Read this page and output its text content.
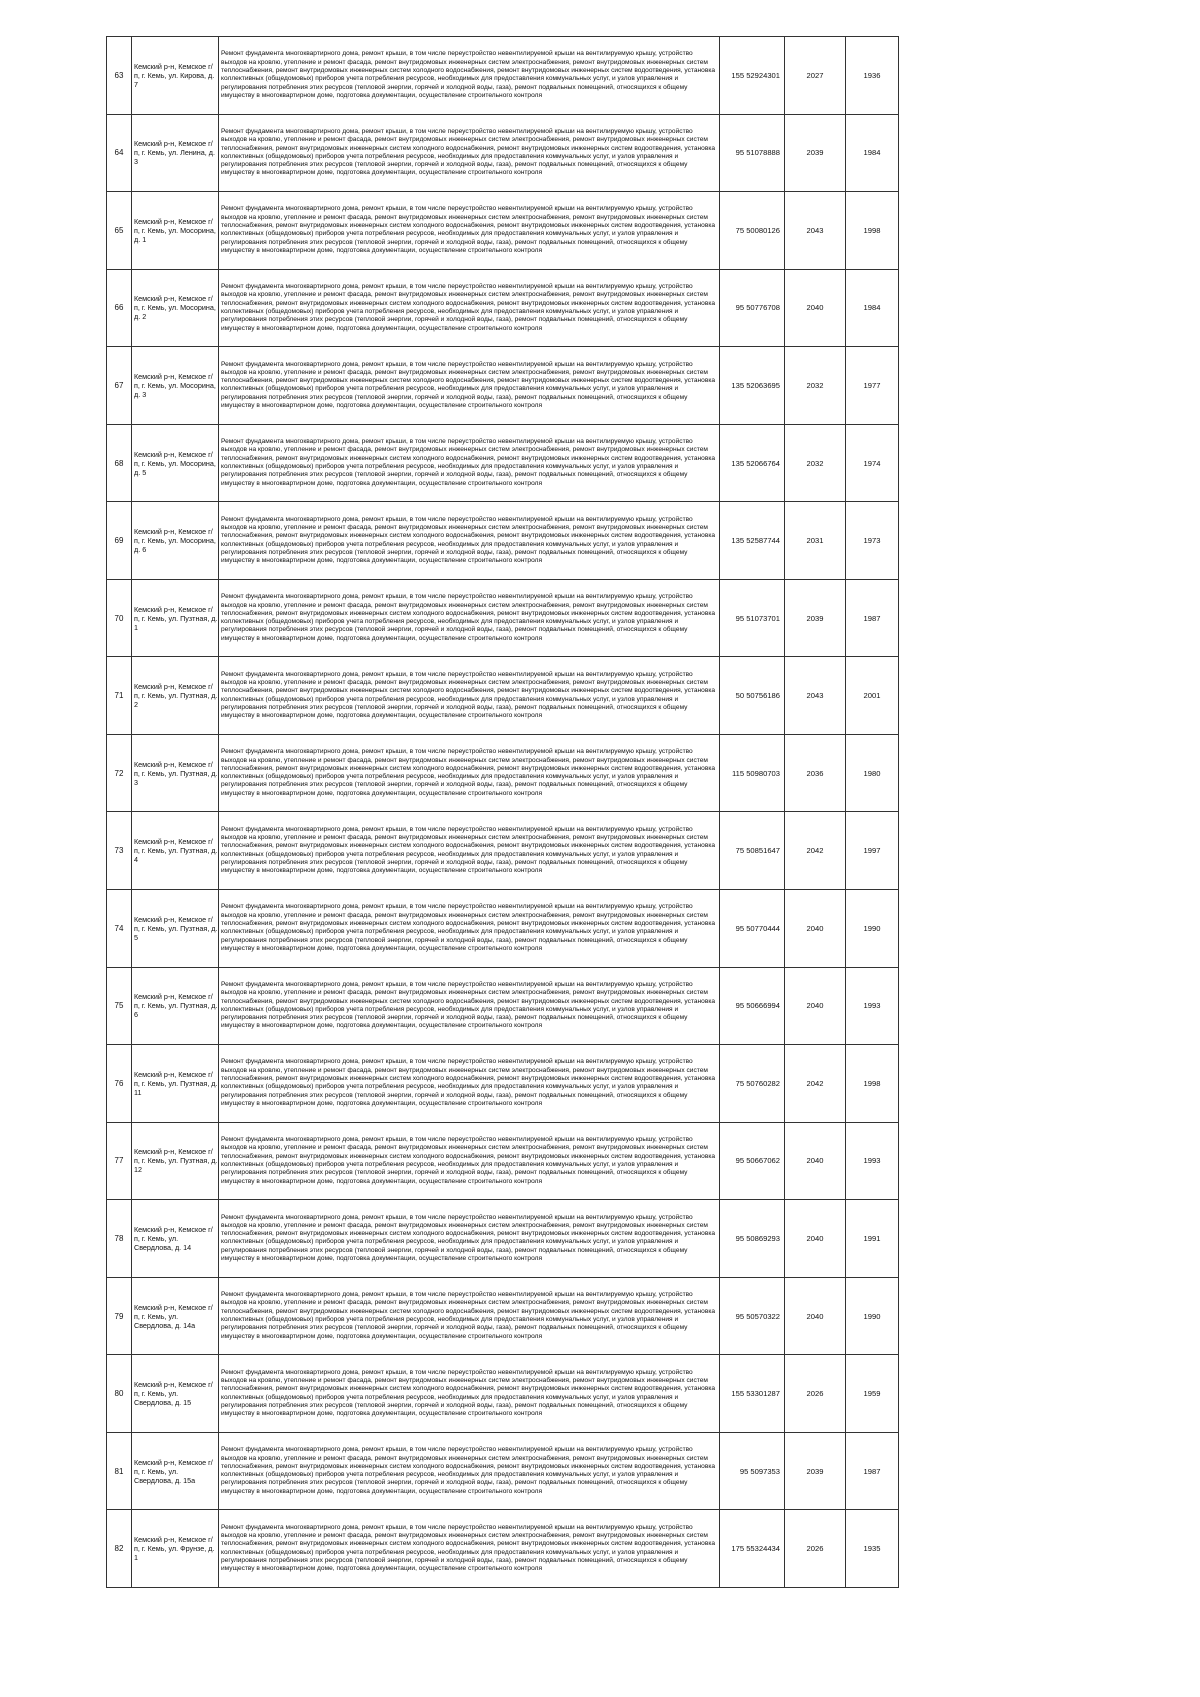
63	Кемский р-н, Кемское г/п, г. Кемь, ул. Кирова, д. 7	Ремонт фундамента многоквартирного дома, ремонт крыши, в том числе переустройство невентилируемой крыши на вентилируемую крышу, устройство выходов на кровлю, утепление и ремонт фасада, ремонт внутридомовых инженерных систем электроснабжения, ремонт внутридомовых инженерных систем теплоснабжения, ремонт внутридомовых инженерных систем холодного водоснабжения, ремонт внутридомовых инженерных систем водоотведения, установка коллективных (общедомовых) приборов учета потребления ресурсов, необходимых для предоставления коммунальных услуг, и узлов управления и регулирования потребления этих ресурсов (тепловой энергии, горячей и холодной воды, газа), ремонт подвальных помещений, относящихся к общему имуществу в многоквартирном доме, подготовка документации, осуществление строительного контроля	155 52924301	2027	1936
64	Кемский р-н, Кемское г/п, г. Кемь, ул. Ленина, д. 3	Ремонт фундамента многоквартирного дома, ремонт крыши, в том числе переустройство невентилируемой крыши на вентилируемую крышу, устройство выходов на кровлю, утепление и ремонт фасада, ремонт внутридомовых инженерных систем электроснабжения, ремонт внутридомовых инженерных систем теплоснабжения, ремонт внутридомовых инженерных систем холодного водоснабжения, ремонт внутридомовых инженерных систем водоотведения, установка коллективных (общедомовых) приборов учета потребления ресурсов, необходимых для предоставления коммунальных услуг, и узлов управления и регулирования потребления этих ресурсов (тепловой энергии, горячей и холодной воды, газа), ремонт подвальных помещений, относящихся к общему имуществу в многоквартирном доме, подготовка документации, осуществление строительного контроля	95 51078888	2039	1984
65	Кемский р-н, Кемское г/п, г. Кемь, ул. Мосорина, д. 1	Ремонт фундамента многоквартирного дома, ремонт крыши, в том числе переустройство невентилируемой крыши на вентилируемую крышу, устройство выходов на кровлю, утепление и ремонт фасада, ремонт внутридомовых инженерных систем электроснабжения, ремонт внутридомовых инженерных систем теплоснабжения, ремонт внутридомовых инженерных систем холодного водоснабжения, ремонт внутридомовых инженерных систем водоотведения, установка коллективных (общедомовых) приборов учета потребления ресурсов, необходимых для предоставления коммунальных услуг, и узлов управления и регулирования потребления этих ресурсов (тепловой энергии, горячей и холодной воды, газа), ремонт подвальных помещений, относящихся к общему имуществу в многоквартирном доме, подготовка документации, осуществление строительного контроля	75 50080126	2043	1998
66	Кемский р-н, Кемское г/п, г. Кемь, ул. Мосорина, д. 2	Ремонт фундамента многоквартирного дома, ремонт крыши, в том числе переустройство невентилируемой крыши на вентилируемую крышу, устройство выходов на кровлю, утепление и ремонт фасада, ремонт внутридомовых инженерных систем электроснабжения, ремонт внутридомовых инженерных систем теплоснабжения, ремонт внутридомовых инженерных систем холодного водоснабжения, ремонт внутридомовых инженерных систем водоотведения, установка коллективных (общедомовых) приборов учета потребления ресурсов, необходимых для предоставления коммунальных услуг, и узлов управления и регулирования потребления этих ресурсов (тепловой энергии, горячей и холодной воды, газа), ремонт подвальных помещений, относящихся к общему имуществу в многоквартирном доме, подготовка документации, осуществление строительного контроля	95 50776708	2040	1984
67	Кемский р-н, Кемское г/п, г. Кемь, ул. Мосорина, д. 3	Ремонт фундамента многоквартирного дома, ремонт крыши, в том числе переустройство невентилируемой крыши на вентилируемую крышу, устройство выходов на кровлю, утепление и ремонт фасада, ремонт внутридомовых инженерных систем электроснабжения, ремонт внутридомовых инженерных систем теплоснабжения, ремонт внутридомовых инженерных систем холодного водоснабжения, ремонт внутридомовых инженерных систем водоотведения, установка коллективных (общедомовых) приборов учета потребления ресурсов, необходимых для предоставления коммунальных услуг, и узлов управления и регулирования потребления этих ресурсов (тепловой энергии, горячей и холодной воды, газа), ремонт подвальных помещений, относящихся к общему имуществу в многоквартирном доме, подготовка документации, осуществление строительного контроля	135 52063695	2032	1977
68	Кемский р-н, Кемское г/п, г. Кемь, ул. Мосорина, д. 5	Ремонт фундамента многоквартирного дома, ремонт крыши, в том числе переустройство невентилируемой крыши на вентилируемую крышу, устройство выходов на кровлю, утепление и ремонт фасада, ремонт внутридомовых инженерных систем электроснабжения, ремонт внутридомовых инженерных систем теплоснабжения, ремонт внутридомовых инженерных систем холодного водоснабжения, ремонт внутридомовых инженерных систем водоотведения, установка коллективных (общедомовых) приборов учета потребления ресурсов, необходимых для предоставления коммунальных услуг, и узлов управления и регулирования потребления этих ресурсов (тепловой энергии, горячей и холодной воды, газа), ремонт подвальных помещений, относящихся к общему имуществу в многоквартирном доме, подготовка документации, осуществление строительного контроля	135 52066764	2032	1974
69	Кемский р-н, Кемское г/п, г. Кемь, ул. Мосорина, д. 6	Ремонт фундамента многоквартирного дома, ремонт крыши, в том числе переустройство невентилируемой крыши на вентилируемую крышу, устройство выходов на кровлю, утепление и ремонт фасада, ремонт внутридомовых инженерных систем электроснабжения, ремонт внутридомовых инженерных систем теплоснабжения, ремонт внутридомовых инженерных систем холодного водоснабжения, ремонт внутридомовых инженерных систем водоотведения, установка коллективных (общедомовых) приборов учета потребления ресурсов, необходимых для предоставления коммунальных услуг, и узлов управления и регулирования потребления этих ресурсов (тепловой энергии, горячей и холодной воды, газа), ремонт подвальных помещений, относящихся к общему имуществу в многоквартирном доме, подготовка документации, осуществление строительного контроля	135 52587744	2031	1973
70	Кемский р-н, Кемское г/п, г. Кемь, ул. Пузтная, д. 1	Ремонт фундамента многоквартирного дома, ремонт крыши, в том числе переустройство невентилируемой крыши на вентилируемую крышу, устройство выходов на кровлю, утепление и ремонт фасада, ремонт внутридомовых инженерных систем электроснабжения, ремонт внутридомовых инженерных систем теплоснабжения, ремонт внутридомовых инженерных систем холодного водоснабжения, ремонт внутридомовых инженерных систем водоотведения, установка коллективных (общедомовых) приборов учета потребления ресурсов, необходимых для предоставления коммунальных услуг, и узлов управления и регулирования потребления этих ресурсов (тепловой энергии, горячей и холодной воды, газа), ремонт подвальных помещений, относящихся к общему имуществу в многоквартирном доме, подготовка документации, осуществление строительного контроля	95 51073701	2039	1987
71	Кемский р-н, Кемское г/п, г. Кемь, ул. Пузтная, д. 2	Ремонт фундамента многоквартирного дома, ремонт крыши, в том числе переустройство невентилируемой крыши на вентилируемую крышу, устройство выходов на кровлю, утепление и ремонт фасада, ремонт внутридомовых инженерных систем электроснабжения, ремонт внутридомовых инженерных систем теплоснабжения, ремонт внутридомовых инженерных систем холодного водоснабжения, ремонт внутридомовых инженерных систем водоотведения, установка коллективных (общедомовых) приборов учета потребления ресурсов, необходимых для предоставления коммунальных услуг, и узлов управления и регулирования потребления этих ресурсов (тепловой энергии, горячей и холодной воды, газа), ремонт подвальных помещений, относящихся к общему имуществу в многоквартирном доме, подготовка документации, осуществление строительного контроля	50 50756186	2043	2001
72	Кемский р-н, Кемское г/п, г. Кемь, ул. Пузтная, д. 3	Ремонт фундамента многоквартирного дома, ремонт крыши, в том числе переустройство невентилируемой крыши на вентилируемую крышу, устройство выходов на кровлю, утепление и ремонт фасада, ремонт внутридомовых инженерных систем электроснабжения, ремонт внутридомовых инженерных систем теплоснабжения, ремонт внутридомовых инженерных систем холодного водоснабжения, ремонт внутридомовых инженерных систем водоотведения, установка коллективных (общедомовых) приборов учета потребления ресурсов, необходимых для предоставления коммунальных услуг, и узлов управления и регулирования потребления этих ресурсов (тепловой энергии, горячей и холодной воды, газа), ремонт подвальных помещений, относящихся к общему имуществу в многоквартирном доме, подготовка документации, осуществление строительного контроля	115 50980703	2036	1980
73	Кемский р-н, Кемское г/п, г. Кемь, ул. Пузтная, д. 4	Ремонт фундамента многоквартирного дома, ремонт крыши, в том числе переустройство невентилируемой крыши на вентилируемую крышу, устройство выходов на кровлю, утепление и ремонт фасада, ремонт внутридомовых инженерных систем электроснабжения, ремонт внутридомовых инженерных систем теплоснабжения, ремонт внутридомовых инженерных систем холодного водоснабжения, ремонт внутридомовых инженерных систем водоотведения, установка коллективных (общедомовых) приборов учета потребления ресурсов, необходимых для предоставления коммунальных услуг, и узлов управления и регулирования потребления этих ресурсов (тепловой энергии, горячей и холодной воды, газа), ремонт подвальных помещений, относящихся к общему имуществу в многоквартирном доме, подготовка документации, осуществление строительного контроля	75 50851647	2042	1997
74	Кемский р-н, Кемское г/п, г. Кемь, ул. Пузтная, д. 5	Ремонт фундамента многоквартирного дома, ремонт крыши, в том числе переустройство невентилируемой крыши на вентилируемую крышу, устройство выходов на кровлю, утепление и ремонт фасада, ремонт внутридомовых инженерных систем электроснабжения, ремонт внутридомовых инженерных систем теплоснабжения, ремонт внутридомовых инженерных систем холодного водоснабжения, ремонт внутридомовых инженерных систем водоотведения, установка коллективных (общедомовых) приборов учета потребления ресурсов, необходимых для предоставления коммунальных услуг, и узлов управления и регулирования потребления этих ресурсов (тепловой энергии, горячей и холодной воды, газа), ремонт подвальных помещений, относящихся к общему имуществу в многоквартирном доме, подготовка документации, осуществление строительного контроля	95 50770444	2040	1990
75	Кемский р-н, Кемское г/п, г. Кемь, ул. Пузтная, д. 6	Ремонт фундамента многоквартирного дома, ремонт крыши, в том числе переустройство невентилируемой крыши на вентилируемую крышу, устройство выходов на кровлю, утепление и ремонт фасада, ремонт внутридомовых инженерных систем электроснабжения, ремонт внутридомовых инженерных систем теплоснабжения, ремонт внутридомовых инженерных систем холодного водоснабжения, ремонт внутридомовых инженерных систем водоотведения, установка коллективных (общедомовых) приборов учета потребления ресурсов, необходимых для предоставления коммунальных услуг, и узлов управления и регулирования потребления этих ресурсов (тепловой энергии, горячей и холодной воды, газа), ремонт подвальных помещений, относящихся к общему имуществу в многоквартирном доме, подготовка документации, осуществление строительного контроля	95 50666994	2040	1993
76	Кемский р-н, Кемское г/п, г. Кемь, ул. Пузтная, д. 11	Ремонт фундамента многоквартирного дома, ремонт крыши, в том числе переустройство невентилируемой крыши на вентилируемую крышу, устройство выходов на кровлю, утепление и ремонт фасада, ремонт внутридомовых инженерных систем электроснабжения, ремонт внутридомовых инженерных систем теплоснабжения, ремонт внутридомовых инженерных систем холодного водоснабжения, ремонт внутридомовых инженерных систем водоотведения, установка коллективных (общедомовых) приборов учета потребления ресурсов, необходимых для предоставления коммунальных услуг, и узлов управления и регулирования потребления этих ресурсов (тепловой энергии, горячей и холодной воды, газа), ремонт подвальных помещений, относящихся к общему имуществу в многоквартирном доме, подготовка документации, осуществление строительного контроля	75 50760282	2042	1998
77	Кемский р-н, Кемское г/п, г. Кемь, ул. Пузтная, д. 12	Ремонт фундамента многоквартирного дома, ремонт крыши, в том числе переустройство невентилируемой крыши на вентилируемую крышу, устройство выходов на кровлю, утепление и ремонт фасада, ремонт внутридомовых инженерных систем электроснабжения, ремонт внутридомовых инженерных систем теплоснабжения, ремонт внутридомовых инженерных систем холодного водоснабжения, ремонт внутридомовых инженерных систем водоотведения, установка коллективных (общедомовых) приборов учета потребления ресурсов, необходимых для предоставления коммунальных услуг, и узлов управления и регулирования потребления этих ресурсов (тепловой энергии, горячей и холодной воды, газа), ремонт подвальных помещений, относящихся к общему имуществу в многоквартирном доме, подготовка документации, осуществление строительного контроля	95 50667062	2040	1993
78	Кемский р-н, Кемское г/п, г. Кемь, ул. Свердлова, д. 14	Ремонт фундамента многоквартирного дома, ремонт крыши, в том числе переустройство невентилируемой крыши на вентилируемую крышу, устройство выходов на кровлю, утепление и ремонт фасада, ремонт внутридомовых инженерных систем электроснабжения, ремонт внутридомовых инженерных систем теплоснабжения, ремонт внутридомовых инженерных систем холодного водоснабжения, ремонт внутридомовых инженерных систем водоотведения, установка коллективных (общедомовых) приборов учета потребления ресурсов, необходимых для предоставления коммунальных услуг, и узлов управления и регулирования потребления этих ресурсов (тепловой энергии, горячей и холодной воды, газа), ремонт подвальных помещений, относящихся к общему имуществу в многоквартирном доме, подготовка документации, осуществление строительного контроля	95 50869293	2040	1991
79	Кемский р-н, Кемское г/п, г. Кемь, ул. Свердлова, д. 14а	Ремонт фундамента многоквартирного дома, ремонт крыши, в том числе переустройство невентилируемой крыши на вентилируемую крышу, устройство выходов на кровлю, утепление и ремонт фасада, ремонт внутридомовых инженерных систем электроснабжения, ремонт внутридомовых инженерных систем теплоснабжения, ремонт внутридомовых инженерных систем холодного водоснабжения, ремонт внутридомовых инженерных систем водоотведения, установка коллективных (общедомовых) приборов учета потребления ресурсов, необходимых для предоставления коммунальных услуг, и узлов управления и регулирования потребления этих ресурсов (тепловой энергии, горячей и холодной воды, газа), ремонт подвальных помещений, относящихся к общему имуществу в многоквартирном доме, подготовка документации, осуществление строительного контроля	95 50570322	2040	1990
80	Кемский р-н, Кемское г/п, г. Кемь, ул. Свердлова, д. 15	Ремонт фундамента многоквартирного дома, ремонт крыши, в том числе переустройство невентилируемой крыши на вентилируемую крышу, устройство выходов на кровлю, утепление и ремонт фасада, ремонт внутридомовых инженерных систем электроснабжения, ремонт внутридомовых инженерных систем теплоснабжения, ремонт внутридомовых инженерных систем холодного водоснабжения, ремонт внутридомовых инженерных систем водоотведения, установка коллективных (общедомовых) приборов учета потребления ресурсов, необходимых для предоставления коммунальных услуг, и узлов управления и регулирования потребления этих ресурсов (тепловой энергии, горячей и холодной воды, газа), ремонт подвальных помещений, относящихся к общему имуществу в многоквартирном доме, подготовка документации, осуществление строительного контроля	155 53301287	2026	1959
81	Кемский р-н, Кемское г/п, г. Кемь, ул. Свердлова, д. 15а	Ремонт фундамента многоквартирного дома, ремонт крыши, в том числе переустройство невентилируемой крыши на вентилируемую крышу, устройство выходов на кровлю, утепление и ремонт фасада, ремонт внутридомовых инженерных систем электроснабжения, ремонт внутридомовых инженерных систем теплоснабжения, ремонт внутридомовых инженерных систем холодного водоснабжения, ремонт внутридомовых инженерных систем водоотведения, установка коллективных (общедомовых) приборов учета потребления ресурсов, необходимых для предоставления коммунальных услуг, и узлов управления и регулирования потребления этих ресурсов (тепловой энергии, горячей и холодной воды, газа), ремонт подвальных помещений, относящихся к общему имуществу в многоквартирном доме, подготовка документации, осуществление строительного контроля	95 5097353	2039	1987
82	Кемский р-н, Кемское г/п, г. Кемь, ул. Фрунзе, д. 1	Ремонт фундамента многоквартирного дома, ремонт крыши, в том числе переустройство невентилируемой крыши на вентилируемую крышу, устройство выходов на кровлю, утепление и ремонт фасада, ремонт внутридомовых инженерных систем электроснабжения, ремонт внутридомовых инженерных систем теплоснабжения, ремонт внутридомовых инженерных систем холодного водоснабжения, ремонт внутридомовых инженерных систем водоотведения, установка коллективных (общедомовых) приборов учета потребления ресурсов, необходимых для предоставления коммунальных услуг, и узлов управления и регулирования потребления этих ресурсов (тепловой энергии, горячей и холодной воды, газа), ремонт подвальных помещений, относящихся к общему имуществу в многоквартирном доме, подготовка документации, осуществление строительного контроля	175 55324434	2026	1935
